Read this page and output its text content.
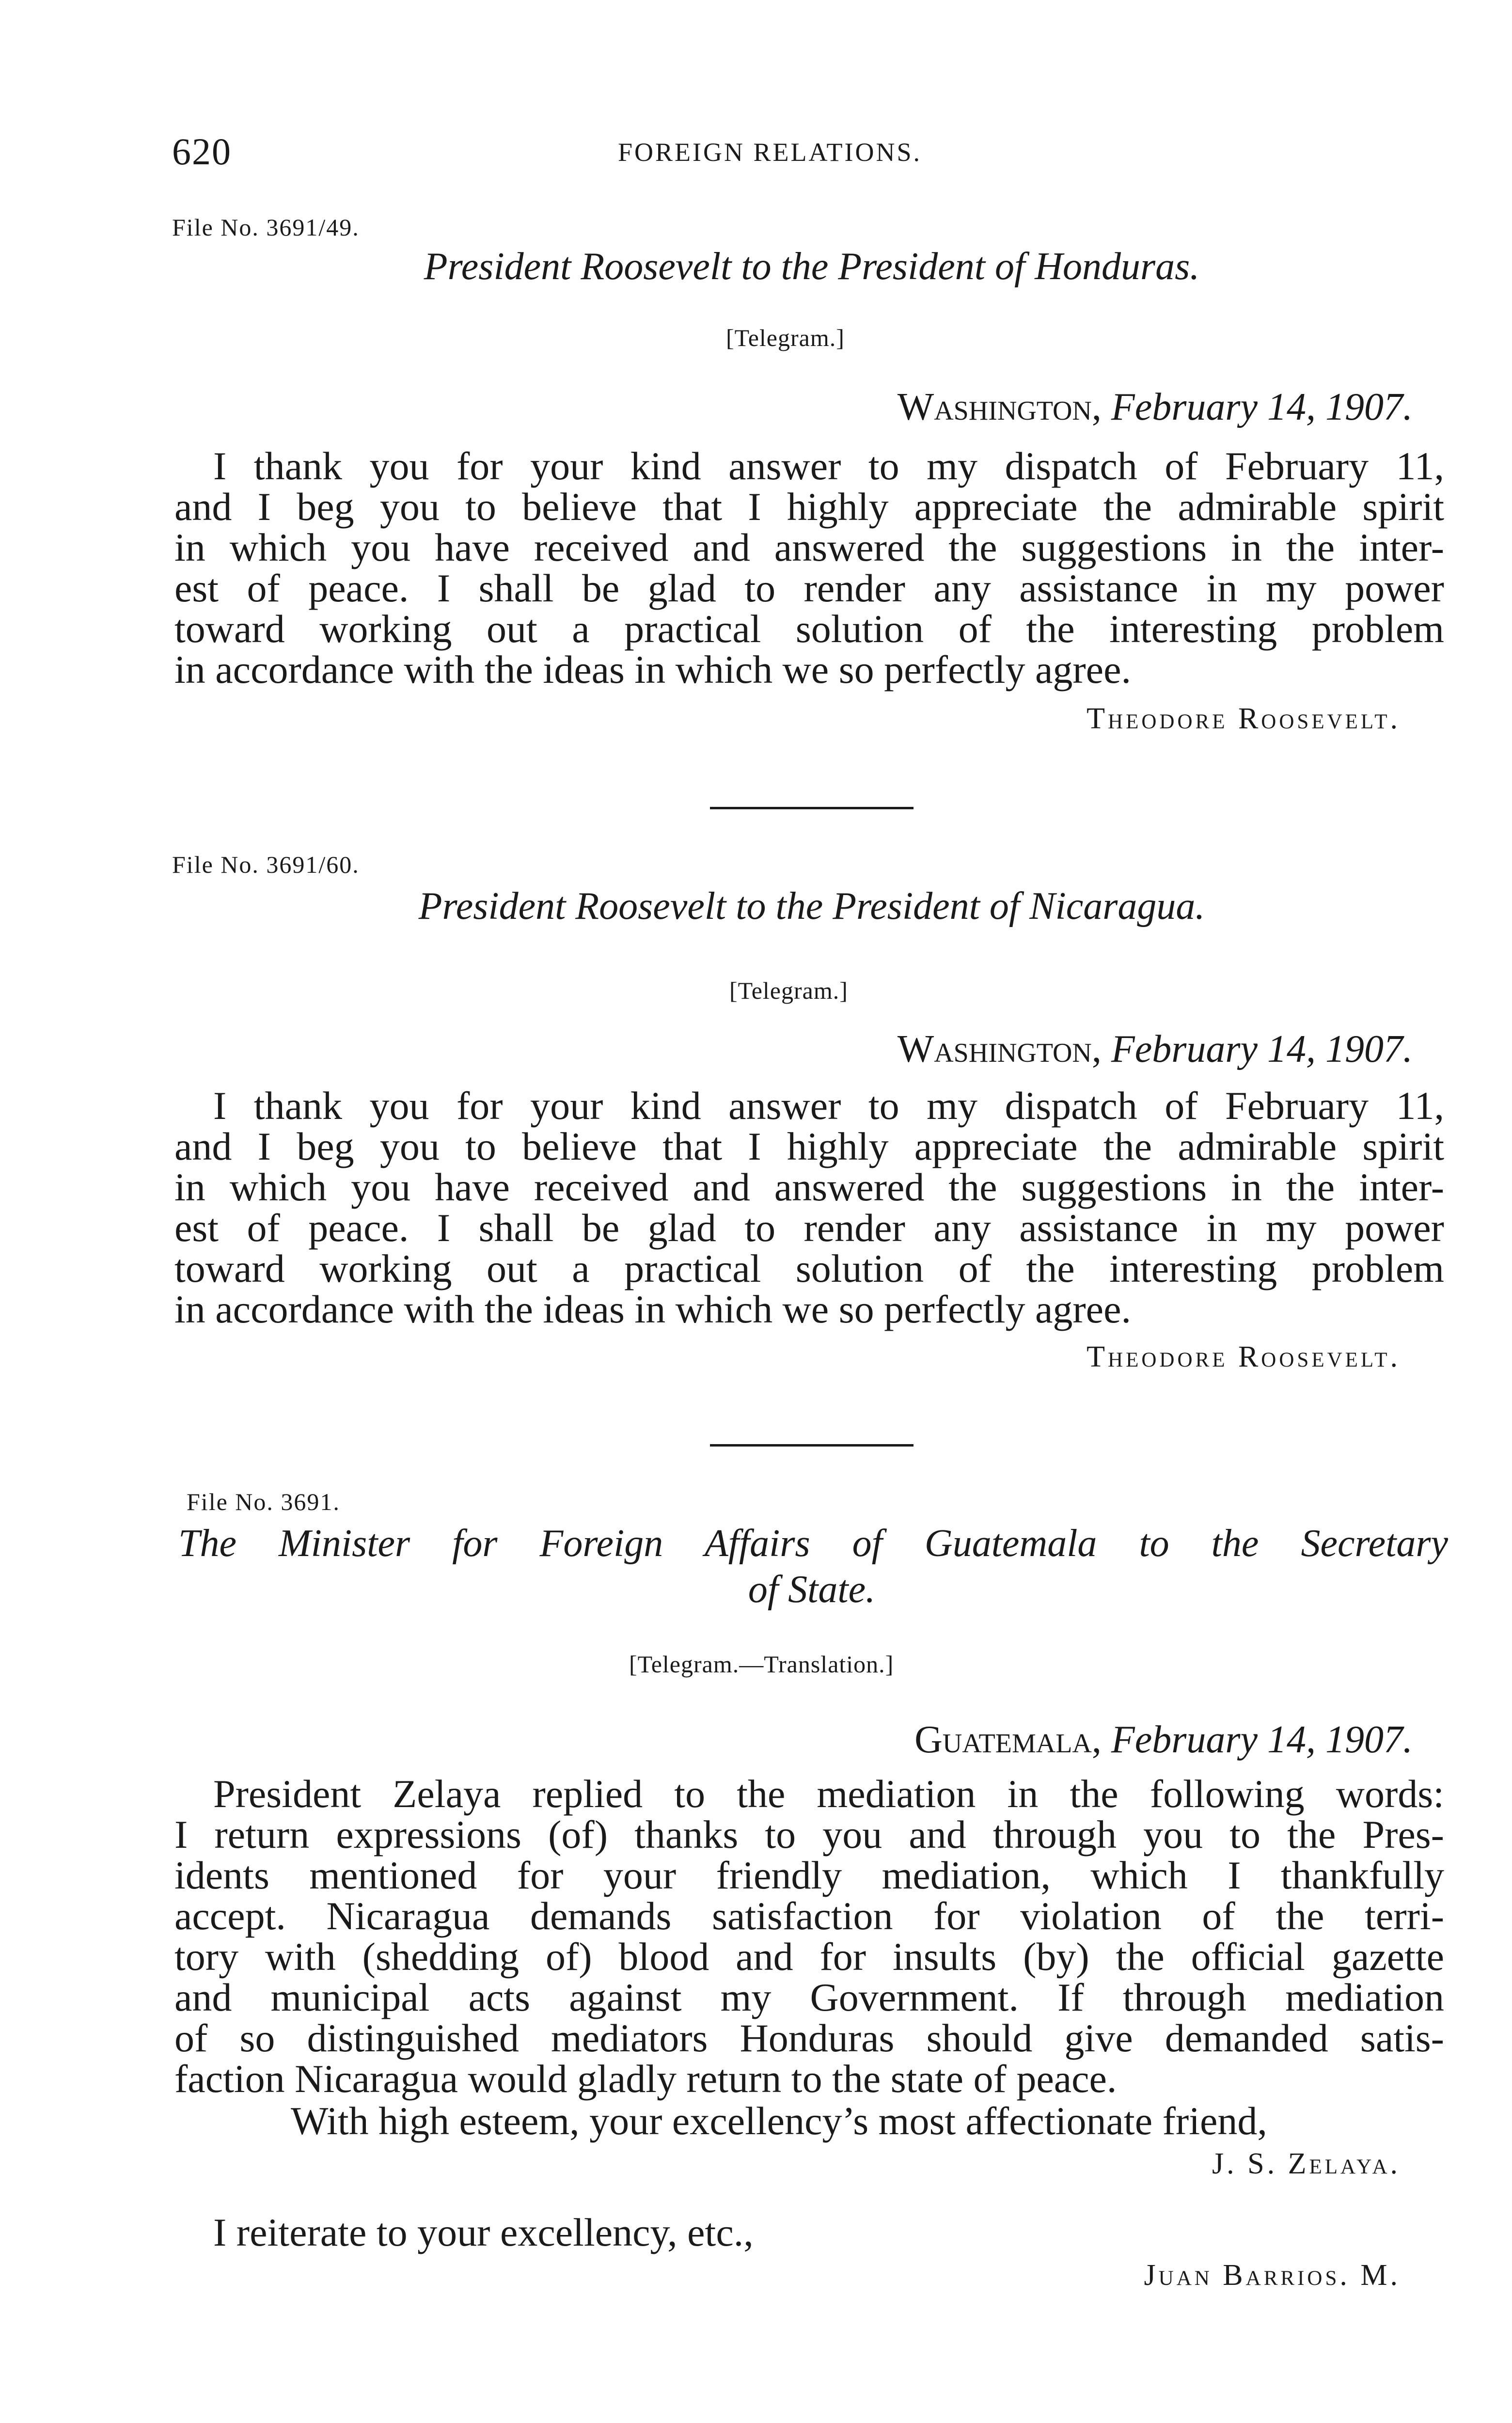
620	FOREIGN RELATIONS.
File No. 3691/49.
President Roosevelt to the President of Honduras.
[Telegram.]
Washington, February 14, 1907.
I thank you for your kind answer to my dispatch of February 11,
and I beg you to believe that I highly appreciate the admirable spirit
in which you have received and answered the suggestions in the inter-
est of peace. I shall be glad to render any assistance in my power
toward working out a practical solution of the interesting problem
in accordance with the ideas in which we so perfectly agree.
Theodore Roosevelt.
File No. 3691/60.
President Roosevelt to the President of Nicaragua.
[Telegram.]
Washington, February 14, 1907.
I thank you for your kind answer to my dispatch of February 11,
and I beg you to believe that I highly appreciate the admirable spirit
in which you have received and answered the suggestions in the inter-
est of peace. I shall be glad to render any assistance in my power
toward working out a practical solution of the interesting problem
in accordance with the ideas in which we so perfectly agree.
Theodore Roosevelt.
File No. 3691.
The Minister for Foreign Affairs of Guatemala to the Secretary
of State.
[Telegram.—Translation.]
Guatemala, February 14, 1907.
President Zelaya replied to the mediation in the following words:
I return expressions (of) thanks to you and through you to the Pres-
idents mentioned for your friendly mediation, which I thankfully
accept. Nicaragua demands satisfaction for violation of the terri-
tory with (shedding of) blood and for insults (by) the official gazette
and municipal acts against my Government. If through mediation
of so distinguished mediators Honduras should give demanded satis-
faction Nicaragua would gladly return to the state of peace.
With high esteem, your excellency’s most affectionate friend,
J. S. Zelaya.
I reiterate to your excellency, etc.,
Juan Barrios. M.
